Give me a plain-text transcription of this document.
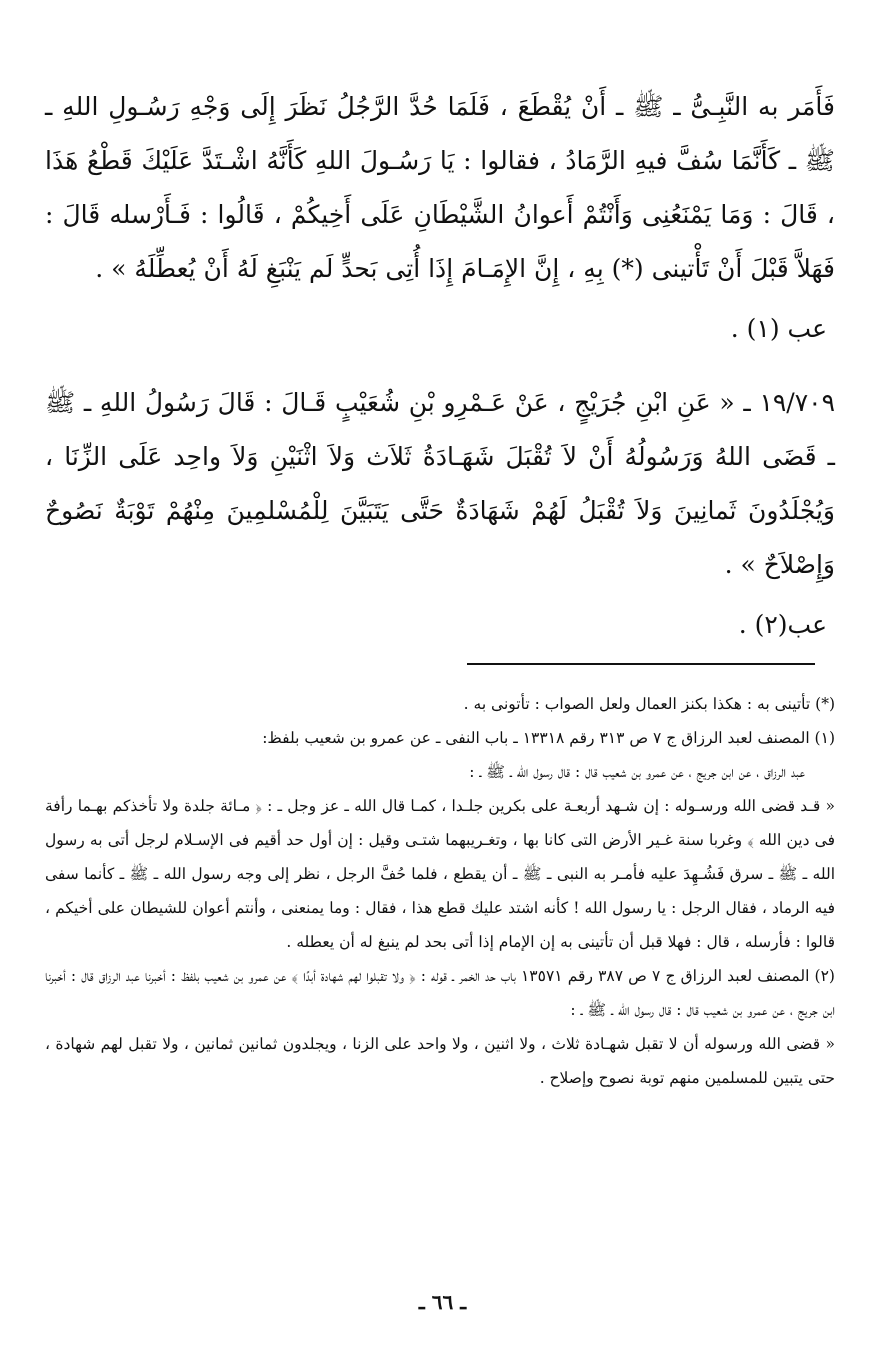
فَأَمَر به النَّبِـىُّ ـ ﷺ ـ أَنْ يُقْطَعَ ، فَلَمَا حُدَّ الرَّجُلُ نَظَرَ إِلَى وَجْهِ رَسُـولِ اللهِ ـ ﷺ ـ كَأَنَّمَا سُفَّ فيهِ الرَّمَادُ ، فقالوا : يَا رَسُـولَ اللهِ كَأَنَّهُ اشْـتَدَّ عَلَيْكَ قَطْعُ هَذَا ، قَالَ : وَمَا يَمْنَعُنِى وَأَنْتُمْ أَعوانُ الشَّيْطَانِ عَلَى أَخِيكُمْ ، قَالُوا : فَـأَرْسله قَالَ : فَهَلاَّ قَبْلَ أَنْ تَأْتينى (*) بِهِ ، إِنَّ الإِمَـامَ إِذَا أُتِى بَحدٍّ لَم يَنْبَغِ لَهُ أَنْ يُعطِّلَهُ » .

عب (١) .

١٩/٧٠٩ ـ « عَنِ ابْنِ جُرَيْجٍ ، عَنْ عَـمْرِو بْنِ شُعَيْبٍ قَـالَ : قَالَ رَسُولُ اللهِ ـ ﷺ ـ قَضَى اللهُ وَرَسُولُهُ أَنْ لاَ تُقْبَلَ شَهَـادَةُ ثَلاَث وَلاَ اثْنَيْنِ وَلاَ واحِد عَلَى الزِّنَا ، وَيُجْلَدُونَ ثَمانِينَ وَلاَ تُقْبَلُ لَهُمْ شَهَادَةٌ حَتَّى يَتَبَيَّنَ لِلْمُسْلمِينَ مِنْهُمْ تَوْبَةٌ نَصُوحٌ وَإِصْلاَحٌ » .

عب(٢) .

(*) تأتينى به : هكذا بكنز العمال ولعل الصواب : تأتونى به .

(١) المصنف لعبد الرزاق ج ٧ ص ٣١٣ رقم ١٣٣١٨ ـ باب النفى ـ عن عمرو بن شعيب بلفظ:

عبد الرزاق ، عن ابن جريج ، عن عمرو بن شعيب قال : قال رسول الله ـ ﷺ ـ :

« قـد قضى الله ورسـوله : إن شـهد أربعـة على بكرين جلـدا ، كمـا قال الله ـ عز وجل ـ : ﴿ مـائة جلدة ولا تأخذكم بهـما رأفة فى دين الله ﴾ وغربا سنة غـير الأرض التى كانا بها ، وتغـريبهما شتـى وقيل : إن أول حد أقيم فى الإسـلام لرجل أتى به رسول الله ـ ﷺ ـ سرق فَشُـهِدَ عليه فأمـر به النبى ـ ﷺ ـ أن يقطع ، فلما حُفَّ الرجل ، نظر إلى وجه رسول الله ـ ﷺ ـ كأنما سفى فيه الرماد ، فقال الرجل : يا رسول الله ! كأنه اشتد عليك قطع هذا ، فقال : وما يمنعنى ، وأنتم أعوان للشيطان على أخيكم ، قالوا : فأرسله ، قال : فهلا قبل أن تأتينى به إن الإمام إذا أتى بحد لم ينبغ له أن يعطله .

(٢) المصنف لعبد الرزاق ج ٧ ص ٣٨٧ رقم ١٣٥٧١ باب حد الخمر ـ قوله : ﴿ ولا تقبلوا لهم شهادة أبدًا ﴾ عن عمرو بن شعيب بلفظ : أخبرنا عبد الرزاق قال : أخبرنا ابن جريج ، عن عمرو بن شعيب قال : قال رسول الله ـ ﷺ ـ :

« قضى الله ورسوله أن لا تقبل شهـادة ثلاث ، ولا اثنين ، ولا واحد على الزنا ، ويجلدون ثمانين ثمانين ، ولا تقبل لهم شهادة ، حتى يتبين للمسلمين منهم توبة نصوح وإصلاح .

ـ ٦٦ ـ
